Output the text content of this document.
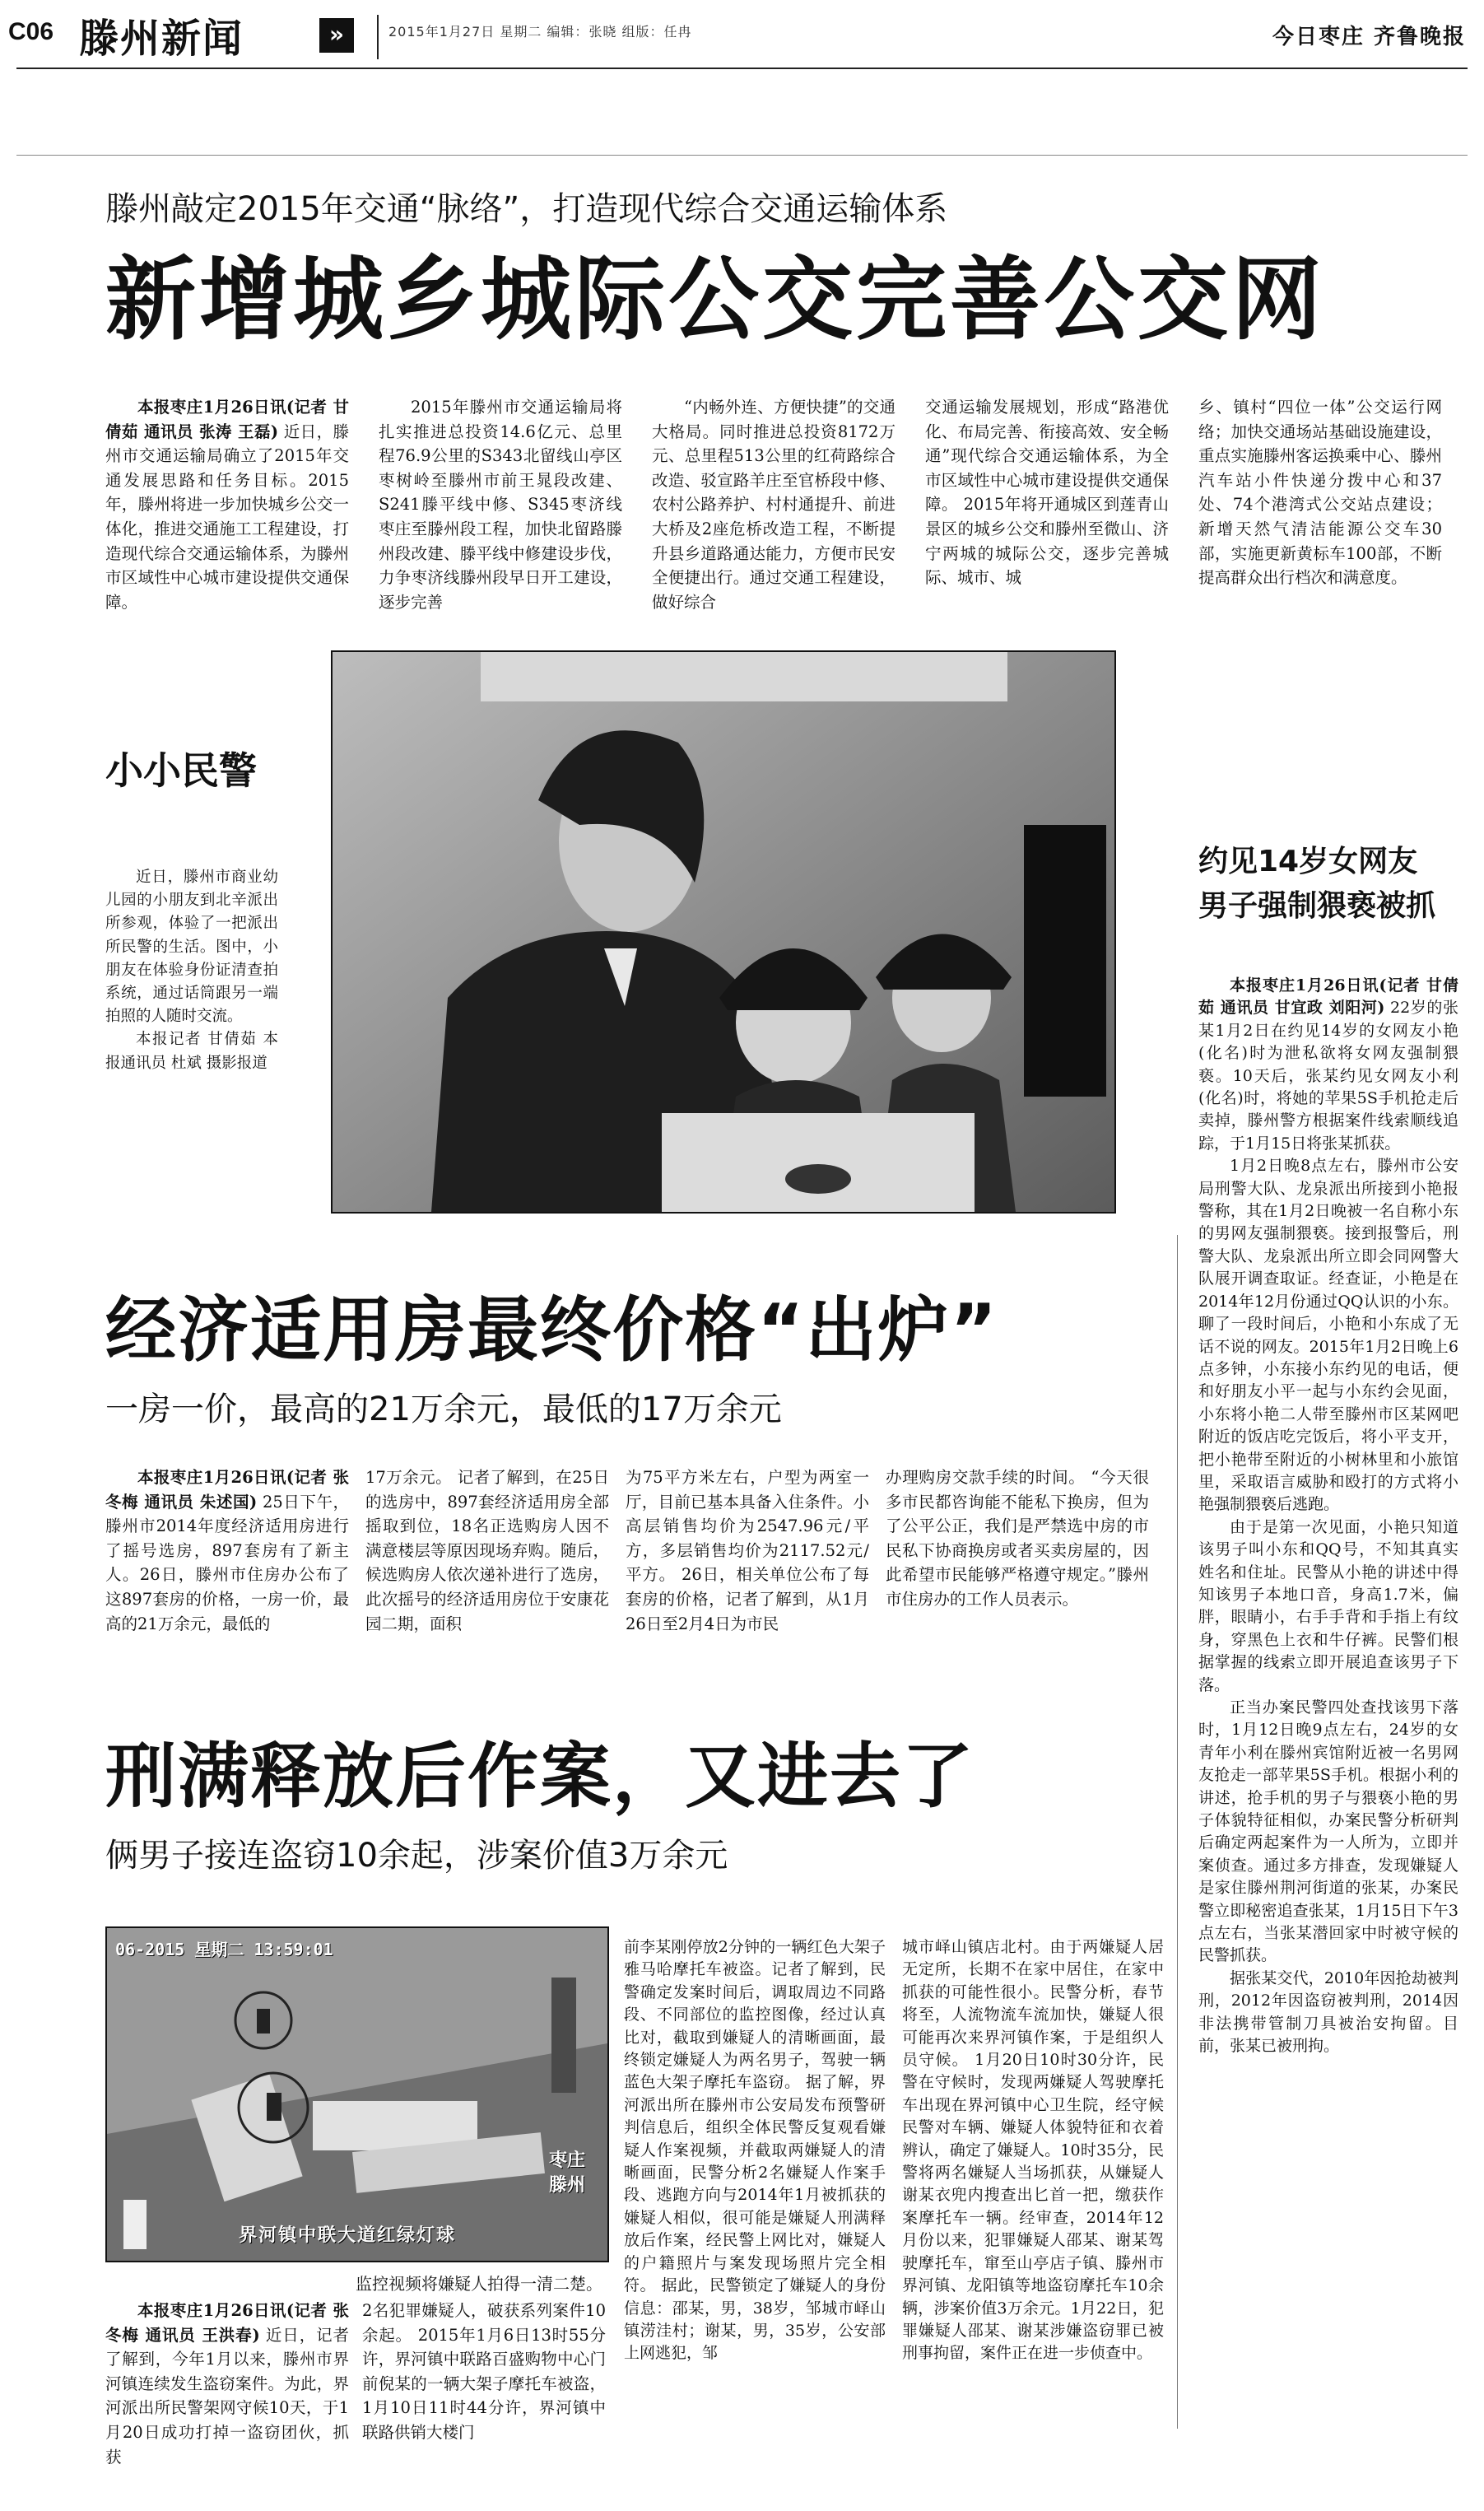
C06 滕州新闻	»	2015年1月27日 星期二 编辑：张晓 组版：任冉	今日枣庄 齐鲁晚报
滕州敲定2015年交通“脉络”，打造现代综合交通运输体系
新增城乡城际公交完善公交网

本报枣庄1月26日讯(记者 甘倩茹 通讯员 张涛 王磊) 近日，滕州市交通运输局确立了2015年交通发展思路和任务目标。2015年，滕州将进一步加快城乡公交一体化，推进交通施工工程建设，打造现代综合交通运输体系，为滕州市区域性中心城市建设提供交通保障。

2015年滕州市交通运输局将扎实推进总投资14.6亿元、总里程76.9公里的S343北留线山亭区枣树岭至滕州市前王晁段改建、S241滕平线中修、S345枣济线枣庄至滕州段工程，加快北留路滕州段改建、滕平线中修建设步伐，力争枣济线滕州段早日开工建设，逐步完善

“内畅外连、方便快捷”的交通大格局。同时推进总投资8172万元、总里程513公里的红荷路综合改造、驳宣路羊庄至官桥段中修、农村公路养护、村村通提升、前进大桥及2座危桥改造工程，不断提升县乡道路通达能力，方便市民安全便捷出行。通过交通工程建设，做好综合

交通运输发展规划，形成“路港优化、布局完善、衔接高效、安全畅通”现代综合交通运输体系，为全市区域性中心城市建设提供交通保障。 2015年将开通城区到莲青山景区的城乡公交和滕州至微山、济宁两城的城际公交，逐步完善城际、城市、城

乡、镇村“四位一体”公交运行网络；加快交通场站基础设施建设，重点实施滕州客运换乘中心、滕州汽车站小件快递分拨中心和37处、74个港湾式公交站点建设；新增天然气清洁能源公交车30部，实施更新黄标车100部，不断提高群众出行档次和满意度。

小小民警

近日，滕州市商业幼儿园的小朋友到北辛派出所参观，体验了一把派出所民警的生活。图中，小朋友在体验身份证清查拍系统，通过话筒跟另一端拍照的人随时交流。

本报记者 甘倩茹 本报通讯员 杜斌 摄影报道

约见14岁女网友
男子强制猥亵被抓

本报枣庄1月26日讯(记者 甘倩茹 通讯员 甘宜政 刘阳河) 22岁的张某1月2日在约见14岁的女网友小艳(化名)时为泄私欲将女网友强制猥亵。10天后，张某约见女网友小利(化名)时，将她的苹果5S手机抢走后卖掉，滕州警方根据案件线索顺线追踪，于1月15日将张某抓获。

1月2日晚8点左右，滕州市公安局刑警大队、龙泉派出所接到小艳报警称，其在1月2日晚被一名自称小东的男网友强制猥亵。接到报警后，刑警大队、龙泉派出所立即会同网警大队展开调查取证。经查证，小艳是在2014年12月份通过QQ认识的小东。聊了一段时间后，小艳和小东成了无话不说的网友。2015年1月2日晚上6点多钟，小东接小东约见的电话，便和好朋友小平一起与小东约会见面，小东将小艳二人带至滕州市区某网吧附近的饭店吃完饭后，将小平支开，把小艳带至附近的小树林里和小旅馆里，采取语言威胁和殴打的方式将小艳强制猥亵后逃跑。

由于是第一次见面，小艳只知道该男子叫小东和QQ号，不知其真实姓名和住址。民警从小艳的讲述中得知该男子本地口音，身高1.7米，偏胖，眼睛小，右手手背和手指上有纹身，穿黑色上衣和牛仔裤。民警们根据掌握的线索立即开展追查该男子下落。

正当办案民警四处查找该男下落时，1月12日晚9点左右，24岁的女青年小利在滕州宾馆附近被一名男网友抢走一部苹果5S手机。根据小利的讲述，抢手机的男子与猥亵小艳的男子体貌特征相似，办案民警分析研判后确定两起案件为一人所为，立即并案侦查。通过多方排查，发现嫌疑人是家住滕州荆河街道的张某，办案民警立即秘密追查张某，1月15日下午3点左右，当张某潜回家中时被守候的民警抓获。

据张某交代，2010年因抢劫被判刑，2012年因盗窃被判刑，2014因非法携带管制刀具被治安拘留。目前，张某已被刑拘。

经济适用房最终价格“出炉”
一房一价，最高的21万余元，最低的17万余元

本报枣庄1月26日讯(记者 张冬梅 通讯员 朱述国) 25日下午，滕州市2014年度经济适用房进行了摇号选房，897套房有了新主人。26日，滕州市住房办公布了这897套房的价格，一房一价，最高的21万余元，最低的

17万余元。 记者了解到，在25日的选房中，897套经济适用房全部摇取到位，18名正选购房人因不满意楼层等原因现场弃购。随后，候选购房人依次递补进行了选房，此次摇号的经济适用房位于安康花园二期，面积

为75平方米左右，户型为两室一厅，目前已基本具备入住条件。小高层销售均价为2547.96元/平方，多层销售均价为2117.52元/平方。 26日，相关单位公布了每套房的价格，记者了解到，从1月26日至2月4日为市民

办理购房交款手续的时间。 “今天很多市民都咨询能不能私下换房，但为了公平公正，我们是严禁选中房的市民私下协商换房或者买卖房屋的，因此希望市民能够严格遵守规定。”滕州市住房办的工作人员表示。

刑满释放后作案，又进去了
俩男子接连盗窃10余起，涉案价值3万余元
06-2015 星期二 13:59:01
枣庄 滕州
界河镇中联大道红绿灯球
监控视频将嫌疑人拍得一清二楚。

本报枣庄1月26日讯(记者 张冬梅 通讯员 王洪春) 近日，记者了解到，今年1月以来，滕州市界河镇连续发生盗窃案件。为此，界河派出所民警架网守候10天，于1月20日成功打掉一盗窃团伙，抓获

2名犯罪嫌疑人，破获系列案件10余起。 2015年1月6日13时55分许，界河镇中联路百盛购物中心门前倪某的一辆大架子摩托车被盗，1月10日11时44分许，界河镇中联路供销大楼门

前李某刚停放2分钟的一辆红色大架子雅马哈摩托车被盗。记者了解到，民警确定发案时间后，调取周边不同路段、不同部位的监控图像，经过认真比对，截取到嫌疑人的清晰画面，最终锁定嫌疑人为两名男子，驾驶一辆蓝色大架子摩托车盗窃。 据了解，界河派出所在滕州市公安局发布预警研判信息后，组织全体民警反复观看嫌疑人作案视频，并截取两嫌疑人的清晰画面，民警分析2名嫌疑人作案手段、逃跑方向与2014年1月被抓获的嫌疑人相似，很可能是嫌疑人刑满释放后作案，经民警上网比对，嫌疑人的户籍照片与案发现场照片完全相符。 据此，民警锁定了嫌疑人的身份信息：邵某，男，38岁，邹城市峄山镇涝洼村；谢某，男，35岁，公安部上网逃犯，邹

城市峄山镇店北村。由于两嫌疑人居无定所，长期不在家中居住，在家中抓获的可能性很小。民警分析，春节将至，人流物流车流加快，嫌疑人很可能再次来界河镇作案，于是组织人员守候。 1月20日10时30分许，民警在守候时，发现两嫌疑人驾驶摩托车出现在界河镇中心卫生院，经守候民警对车辆、嫌疑人体貌特征和衣着辨认，确定了嫌疑人。10时35分，民警将两名嫌疑人当场抓获，从嫌疑人谢某衣兜内搜查出匕首一把，缴获作案摩托车一辆。经审查，2014年12月份以来，犯罪嫌疑人邵某、谢某驾驶摩托车，窜至山亭店子镇、滕州市界河镇、龙阳镇等地盗窃摩托车10余辆，涉案价值3万余元。1月22日，犯罪嫌疑人邵某、谢某涉嫌盗窃罪已被刑事拘留，案件正在进一步侦查中。
